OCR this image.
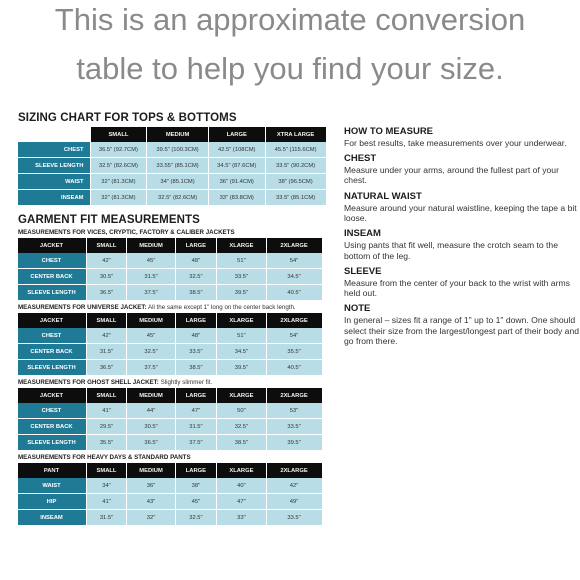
This is an approximate conversion
table to help you find your size.
SIZING CHART FOR TOPS & BOTTOMS
	SMALL	MEDIUM	LARGE	XTRA LARGE
CHEST	36.5" (92.7CM)	39.5" (100.3CM)	42.5" (108CM)	45.5" (115.6CM)
SLEEVE LENGTH	32.5" (82.6CM)	33.55" (85.1CM)	34.5" (87.6CM)	33.5" (90.2CM)
WAIST	32" (81.3CM)	34" (85.1CM)	36" (91.4CM)	38" (96.5CM)
INSEAM	32" (81.3CM)	32.5" (82.6CM)	33" (83.8CM)	33.5" (85.1CM)
GARMENT FIT MEASUREMENTS
MEASUREMENTS FOR VICES, CRYPTIC, FACTORY & CALIBER JACKETS
JACKET	SMALL	MEDIUM	LARGE	XLARGE	2XLARGE
CHEST	42"	45"	48"	51"	54"
CENTER BACK	30.5"	31.5"	32.5"	33.5"	34.5"
SLEEVE LENGTH	36.5"	37.5"	38.5"	39.5"	40.5"
MEASUREMENTS FOR UNIVERSE JACKET: All the same except 1" long on the center back length.
JACKET	SMALL	MEDIUM	LARGE	XLARGE	2XLARGE
CHEST	42"	45"	48"	51"	54"
CENTER BACK	31.5"	32.5"	33.5"	34.5"	35.5"
SLEEVE LENGTH	36.5"	37.5"	38.5"	39.5"	40.5"
MEASUREMENTS FOR GHOST SHELL JACKET: Slightly slimmer fit.
JACKET	SMALL	MEDIUM	LARGE	XLARGE	2XLARGE
CHEST	41"	44"	47"	50"	53"
CENTER BACK	29.5"	30.5"	31.5"	32.5"	33.5"
SLEEVE LENGTH	35.5"	36.5"	37.5"	38.5"	39.5"
MEASUREMENTS FOR HEAVY DAYS & STANDARD PANTS
PANT	SMALL	MEDIUM	LARGE	XLARGE	2XLARGE
WAIST	34"	36"	38"	40"	42"
HIP	41"	43"	45"	47"	49"
INSEAM	31.5"	32"	32.5"	33"	33.5"
HOW TO MEASURE
For best results, take measurements over your underwear.
CHEST
Measure under your arms, around the fullest part of your chest.
NATURAL WAIST
Measure around your natural waistline, keeping the tape a bit loose.
INSEAM
Using pants that fit well, measure the crotch seam to the bottom of the leg.
SLEEVE
Measure from the center of your back to the wrist with arms held out.
NOTE
In general – sizes fit a range of 1" up to 1" down. One should select their size from the largest/longest part of their body and go from there.
